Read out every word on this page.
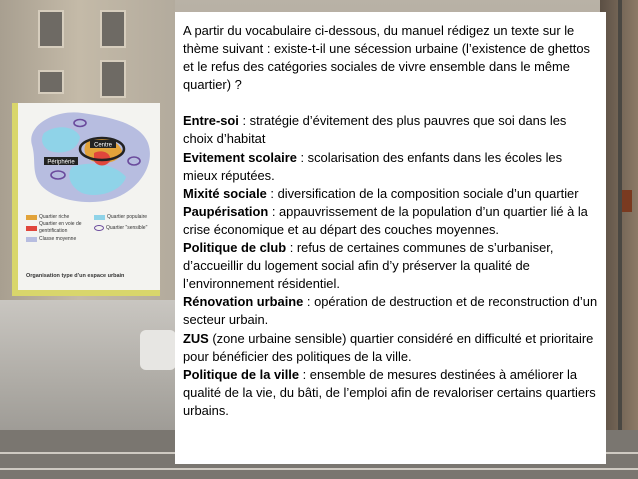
Centre
Périphérie
Quartier riche	Quartier populaire
Quartier en voie de gentrification
Quartier "sensible"
Classe moyenne
Organisation type d’un espace urbain

A partir du vocabulaire ci-dessous, du manuel rédigez un texte sur le thème suivant : existe-t-il une sécession urbaine (l’existence de ghettos et le refus des catégories sociales de vivre ensemble dans le même quartier) ?

Entre-soi : stratégie d’évitement des plus pauvres que soi dans les choix d’habitat

Evitement scolaire : scolarisation des enfants dans les écoles les mieux réputées.

Mixité sociale : diversification de la composition sociale d’un quartier

Paupérisation : appauvrissement de la population d’un quartier lié à la crise économique et au départ des couches moyennes.

Politique de club : refus de certaines communes de s’urbaniser, d’accueillir du logement social afin d’y préserver la qualité de l’environnement résidentiel.

Rénovation urbaine : opération de destruction et de reconstruction d’un secteur urbain.

ZUS (zone urbaine sensible) quartier considéré en difficulté et prioritaire pour bénéficier des politiques de la ville.

Politique de la ville : ensemble de mesures destinées à améliorer la qualité de la vie, du bâti, de l’emploi afin de revaloriser certains quartiers urbains.
